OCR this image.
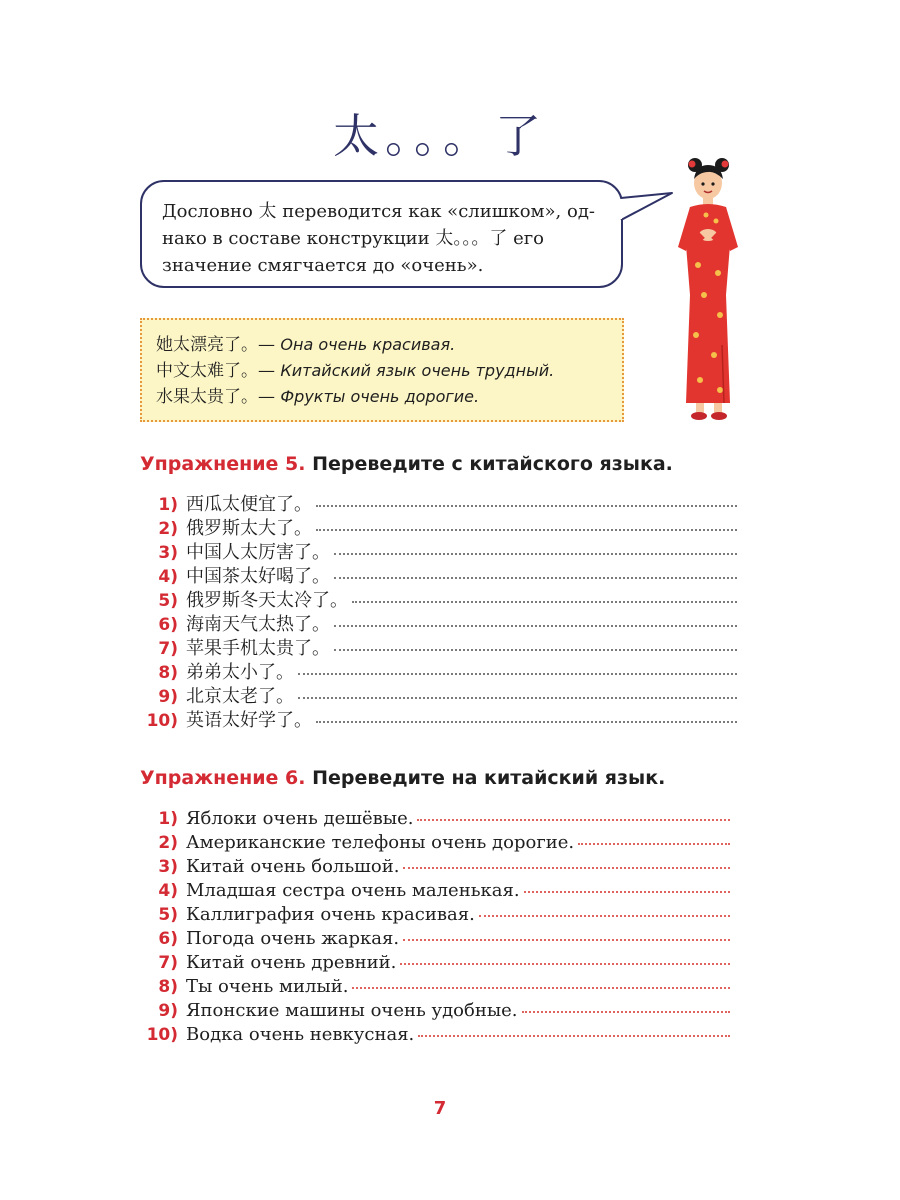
太。。。了
Дословно 太 переводится как «слишком», од-
нако в составе конструкции 太。。。了 его
значение смягчается до «очень».
她太漂亮了。— Она очень красивая.
中文太难了。— Китайский язык очень трудный.
水果太贵了。— Фрукты очень дорогие.
Упражнение 5. Переведите с китайского языка.
1) 西瓜太便宜了。
2) 俄罗斯太大了。
3) 中国人太厉害了。
4) 中国茶太好喝了。
5) 俄罗斯冬天太冷了。
6) 海南天气太热了。
7) 苹果手机太贵了。
8) 弟弟太小了。
9) 北京太老了。
10) 英语太好学了。
Упражнение 6. Переведите на китайский язык.
1) Яблоки очень дешёвые.
2) Американские телефоны очень дорогие.
3) Китай очень большой.
4) Младшая сестра очень маленькая.
5) Каллиграфия очень красивая.
6) Погода очень жаркая.
7) Китай очень древний.
8) Ты очень милый.
9) Японские машины очень удобные.
10) Водка очень невкусная.
7
